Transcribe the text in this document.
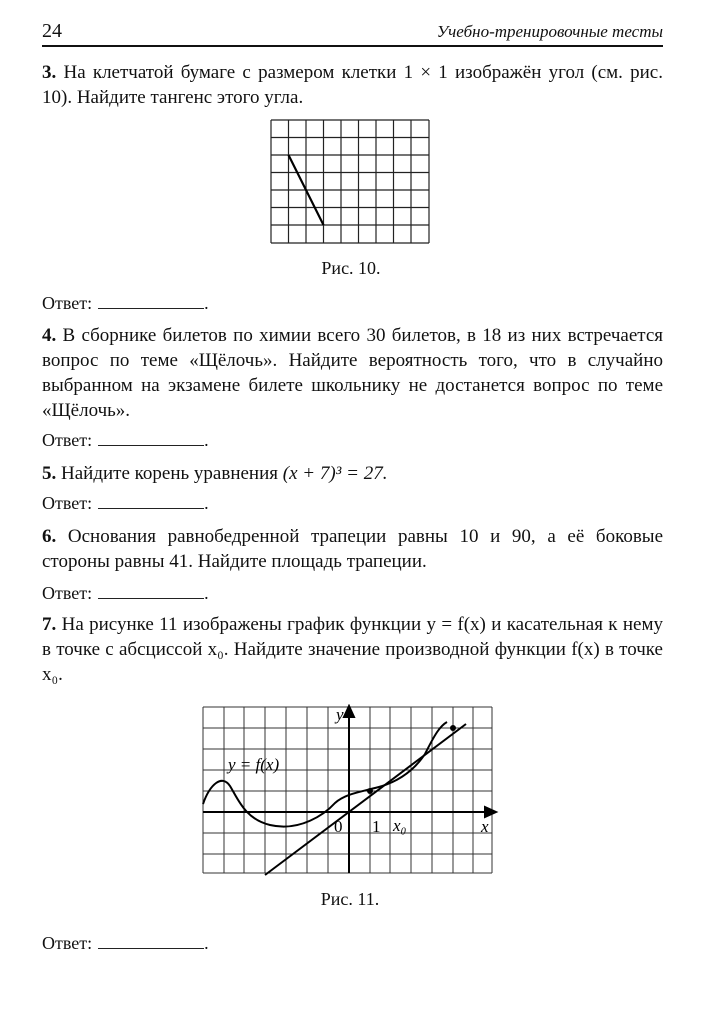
24	Учебно-тренировочные тесты
3. На клетчатой бумаге с размером клетки 1 × 1 изображён угол (см. рис. 10). Найдите тангенс этого угла.
Рис. 10.
Ответ:	.
4. В сборнике билетов по химии всего 30 билетов, в 18 из них встречается вопрос по теме «Щёлочь». Найдите вероятность того, что в случайно выбранном на экзамене билете школьнику не достанется вопрос по теме «Щёлочь».
Ответ:	.
5. Найдите корень уравнения (x + 7)³ = 27.
Ответ:	.
6. Основания равнобедренной трапеции равны 10 и 90, а её боковые стороны равны 41. Найдите площадь трапеции.
Ответ:	.
7. На рисунке 11 изображены график функции y = f(x) и касательная к нему в точке с абсциссой x₀. Найдите значение производной функции f(x) в точке x₀.
y
x
y = f(x)
x₀
0 1
Рис. 11.
Ответ:	.
